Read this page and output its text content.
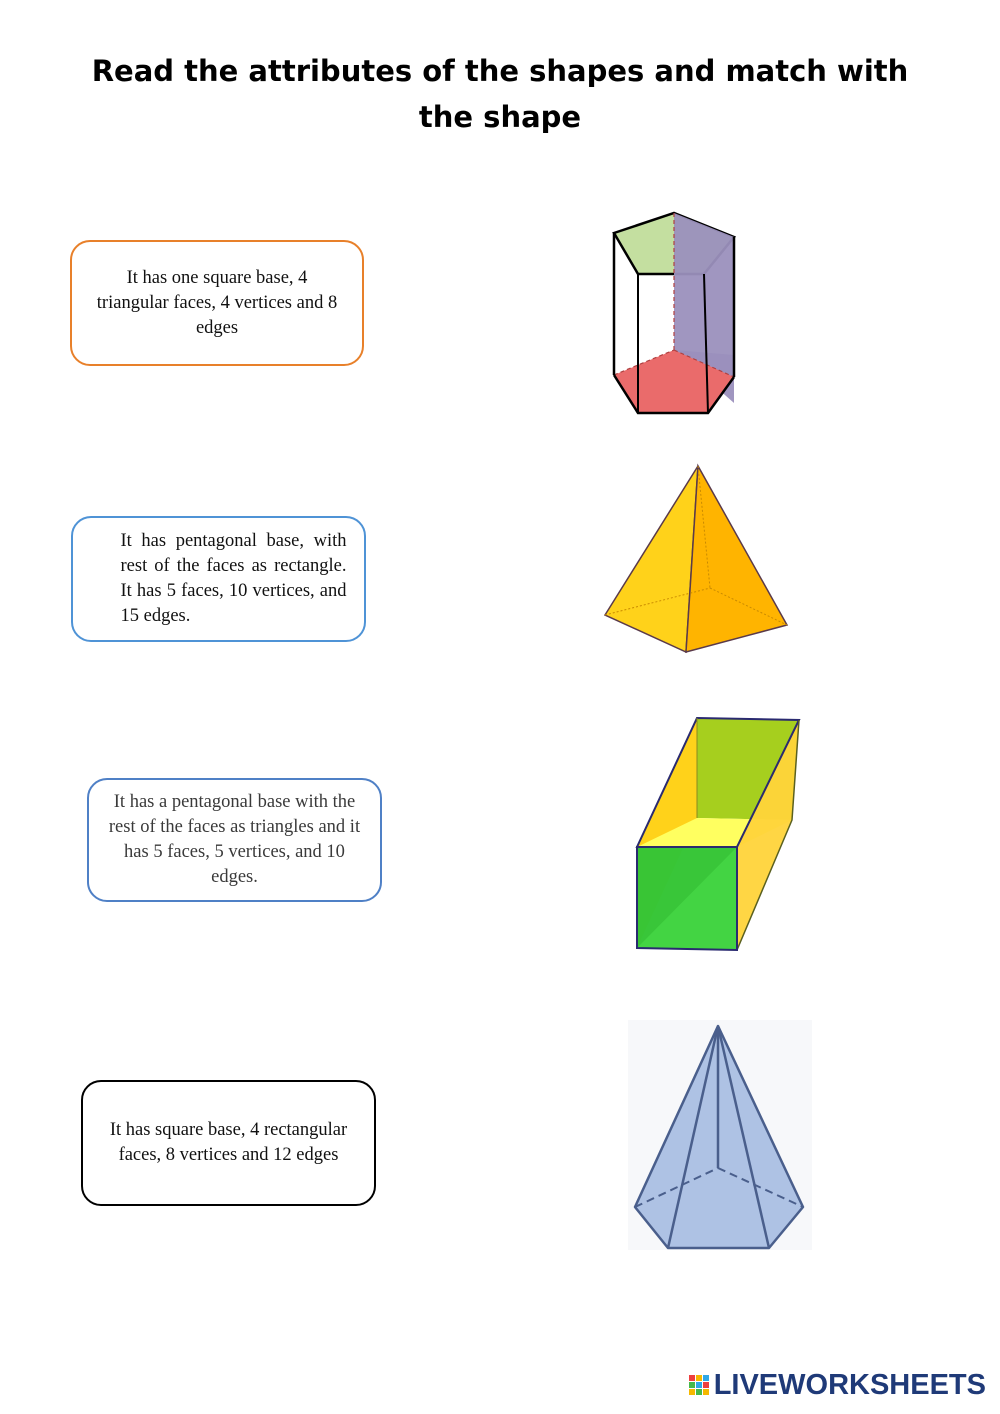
Read the attributes of the shapes and match with
the shape
It has one square base, 4 triangular faces, 4 vertices and 8 edges
It has pentagonal base, with rest of the faces as rectangle. It has 5 faces, 10 vertices, and 15 edges.
It has a pentagonal base with the rest of the faces as triangles and it has 5 faces, 5 vertices, and 10 edges.
It has square base, 4 rectangular faces, 8 vertices and 12 edges
LIVEWORKSHEETS
